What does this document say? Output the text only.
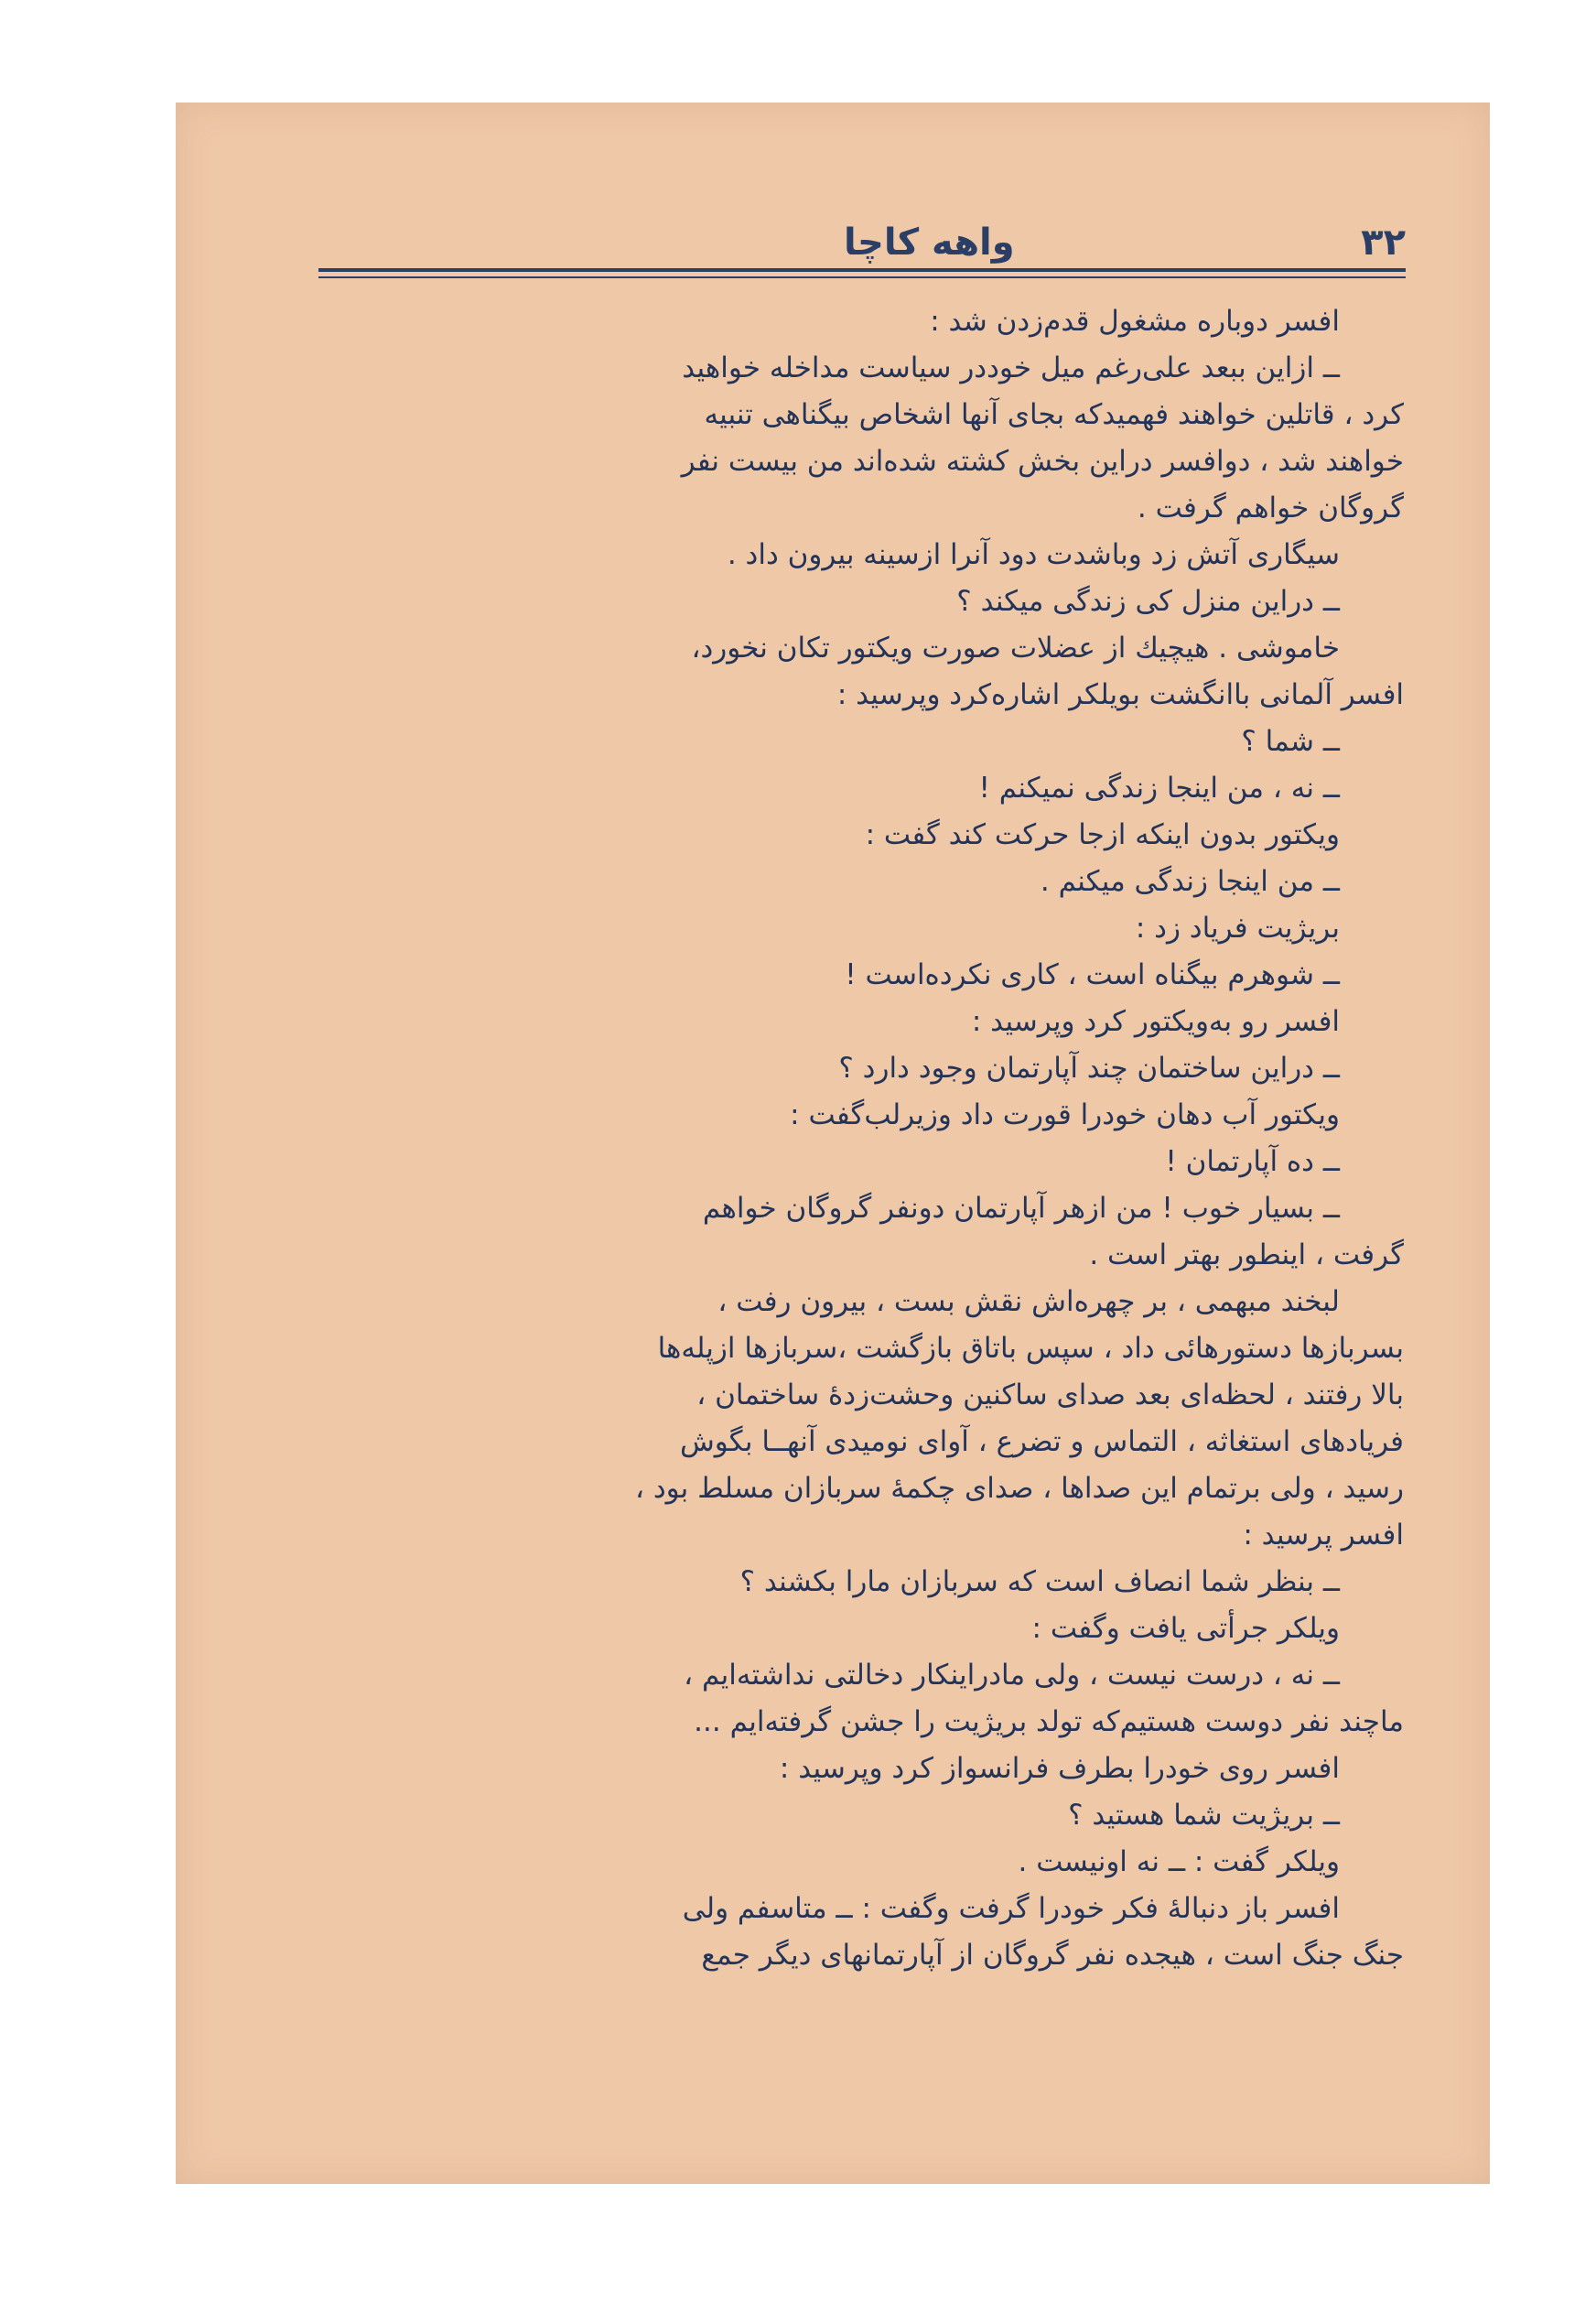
۳۲
واهه کاچا
افسر دوباره مشغول قدم‌زدن شد :
ــ ازاین ببعد علی‌رغم میل خوددر سیاست مداخله خواهید
کرد ، قاتلین خواهند فهمیدکه بجای آنها اشخاص بیگناهی تنبیه
خواهند شد ، دوافسر دراین بخش کشته شده‌اند من بیست نفر
گروگان خواهم گرفت .
سیگاری آتش زد وباشدت دود آنرا ازسینه بیرون داد .
ــ دراین منزل کی زندگی میکند ؟
خاموشی . هیچیك از عضلات صورت ویکتور تکان نخورد،
افسر آلمانی باانگشت بویلکر اشاره‌کرد وپرسید :
ــ شما ؟
ــ نه ، من اینجا زندگی نمیکنم !
ویکتور بدون اینکه ازجا حرکت کند گفت :
ــ من اینجا زندگی میکنم .
بریژیت فریاد زد :
ــ شوهرم بیگناه است ، کاری نکرده‌است !
افسر رو به‌ویکتور کرد وپرسید :
ــ دراین ساختمان چند آپارتمان وجود دارد ؟
ویکتور آب دهان خودرا قورت داد وزیرلب‌گفت :
ــ ده آپارتمان !
ــ بسیار خوب ! من ازهر آپارتمان دونفر گروگان خواهم
گرفت ، اینطور بهتر است .
لبخند مبهمی ، بر چهره‌اش نقش بست ، بیرون رفت ،
بسربازها دستورهائی داد ، سپس باتاق بازگشت ،سربازها ازپله‌ها
بالا رفتند ، لحظه‌ای بعد صدای ساکنین وحشت‌زدهٔ ساختمان ،
فریادهای استغاثه ، التماس و تضرع ، آوای نومیدی آنهــا بگوش
رسید ، ولی برتمام این صداها ، صدای چکمهٔ سربازان مسلط بود ،
افسر پرسید :
ــ بنظر شما انصاف است که سربازان مارا بکشند ؟
ویلکر جرأتی یافت وگفت :
ــ نه ، درست نیست ، ولی مادراینکار دخالتی نداشته‌ایم ،
ماچند نفر دوست هستیم‌که تولد بریژیت را جشن گرفته‌ایم ...
افسر روی خودرا بطرف فرانسواز کرد وپرسید :
ــ بریژیت شما هستید ؟
ویلکر گفت : ــ نه اونیست .
افسر باز دنبالهٔ فکر خودرا گرفت وگفت : ــ متاسفم ولی
جنگ جنگ است ، هیجده نفر گروگان از آپارتمانهای دیگر جمع
